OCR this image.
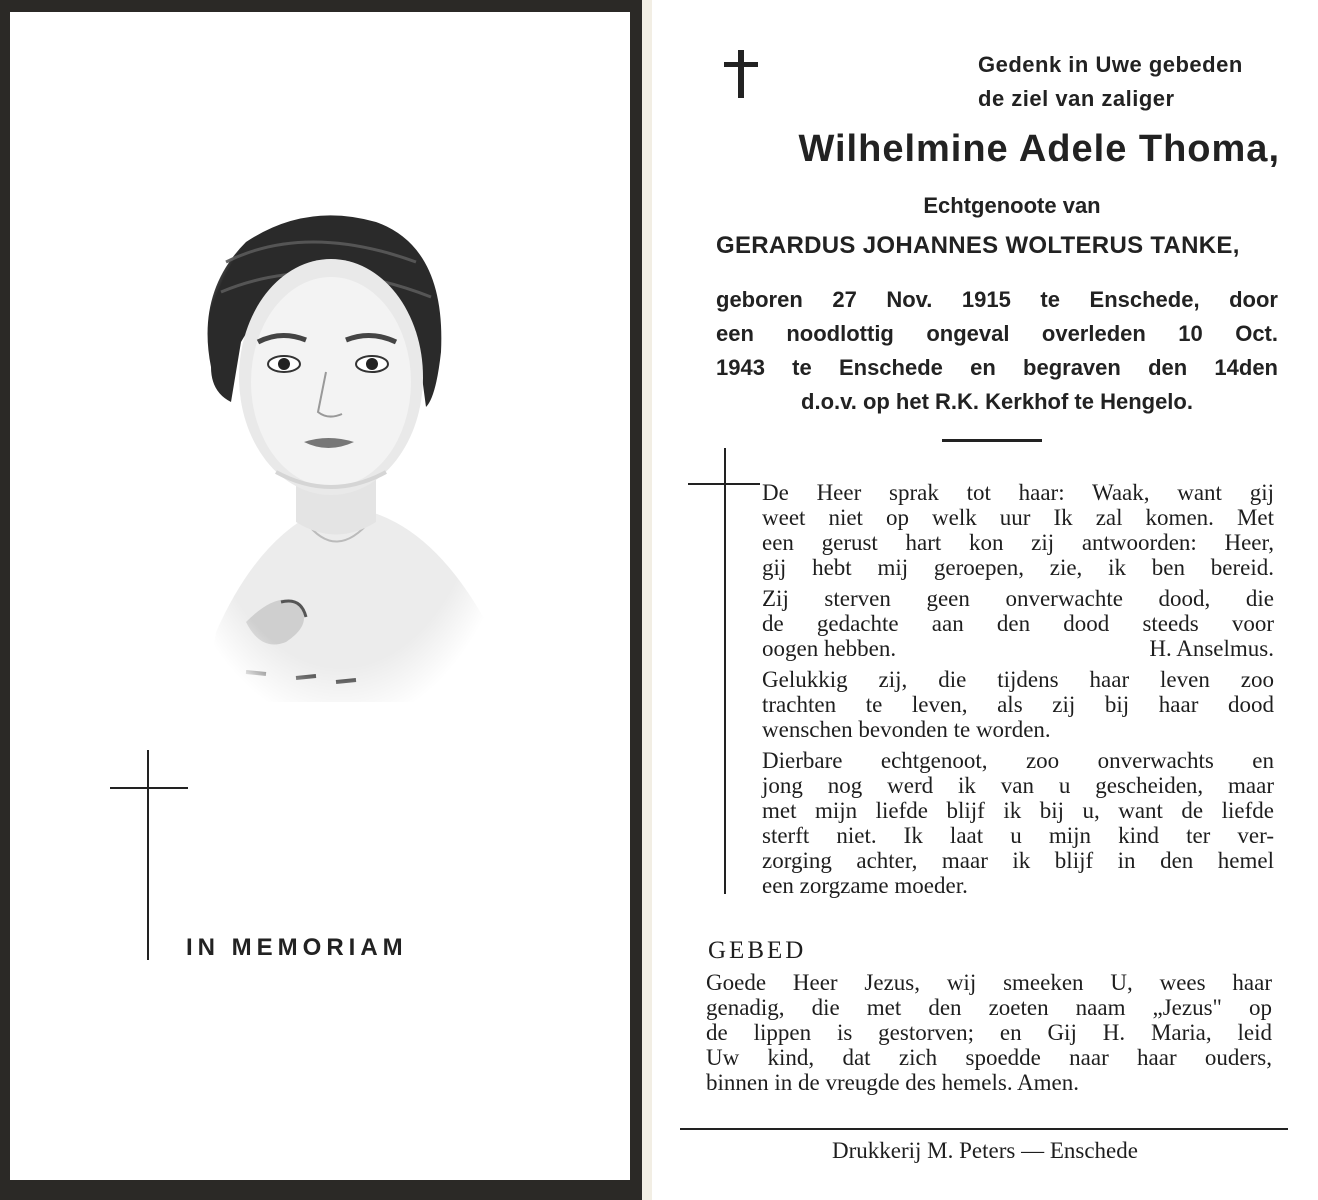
IN MEMORIAM
Gedenk in Uwe gebeden
de ziel van zaliger
Wilhelmine Adele Thoma,
Echtgenoote van
GERARDUS JOHANNES WOLTERUS TANKE,
geboren 27 Nov. 1915 te Enschede, door
een noodlottig ongeval overleden 10 Oct.
1943 te Enschede en begraven den 14den
d.o.v. op het R.K. Kerkhof te Hengelo.

De Heer sprak tot haar: Waak, want gij
weet niet op welk uur Ik zal komen. Met
een gerust hart kon zij antwoorden: Heer,
gij hebt mij geroepen, zie, ik ben bereid.

Zij sterven geen onverwachte dood, die
de gedachte aan den dood steeds voor
oogen hebben.	H. Anselmus.

Gelukkig zij, die tijdens haar leven zoo
trachten te leven, als zij bij haar dood
wenschen bevonden te worden.

Dierbare echtgenoot, zoo onverwachts en
jong nog werd ik van u gescheiden, maar
met mijn liefde blijf ik bij u, want de liefde
sterft niet. Ik laat u mijn kind ter ver-
zorging achter, maar ik blijf in den hemel
een zorgzame moeder.

GEBED
Goede Heer Jezus, wij smeeken U, wees haar
genadig, die met den zoeten naam „Jezus" op
de lippen is gestorven; en Gij H. Maria, leid
Uw kind, dat zich spoedde naar haar ouders,
binnen in de vreugde des hemels. Amen.
Drukkerij M. Peters — Enschede
